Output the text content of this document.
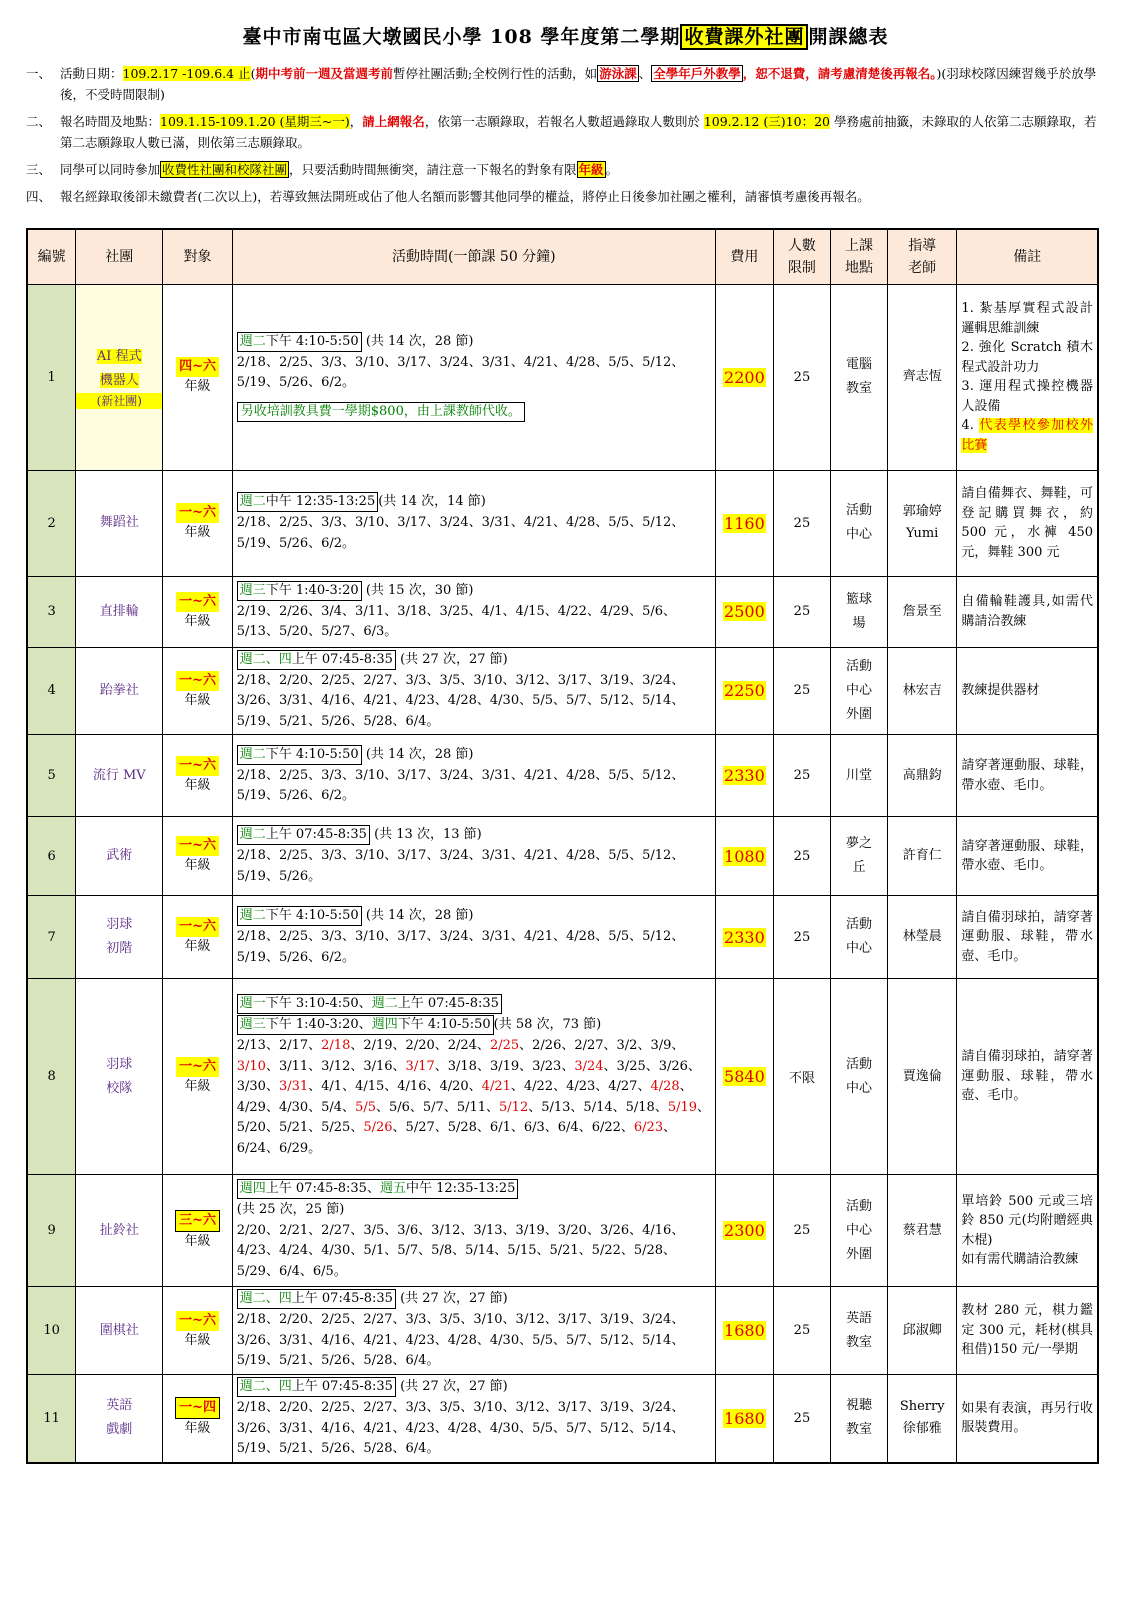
臺中市南屯區大墩國民小學 108 學年度第二學期 收費課外社團 開課總表
一、 活動日期：109.2.17 -109.6.4 止(期中考前一週及當週考前暫停社團活動;全校例行性的活動，如 游泳課 、 全學年戶外教學 ，恕不退費，請考慮清楚後再報名。)(羽球校隊因練習幾乎於放學後，不受時間限制)
二、 報名時間及地點：109.1.15-109.1.20 (星期三~一)，請上網報名，依第一志願錄取，若報名人數超過錄取人數則於 109.2.12 (三)10：20 學務處前抽籤，未錄取的人依第二志願錄取，若第二志願錄取人數已滿，則依第三志願錄取。
三、 同學可以同時參加 收費性社團和校隊社團 ，只要活動時間無衝突，請注意一下報名的對象有限 年級 。
四、 報名經錄取後卻未繳費者(二次以上)，若導致無法開班或佔了他人名額而影響其他同學的權益，將停止日後參加社團之權利，請審慎考慮後再報名。
編號	社團	對象	活動時間(一節課 50 分鐘)	費用	人數
限制	上課
地點	指導
老師	備註
1	AI 程式
機器人
(新社團)	四~六
年級	週二下午 4:10-5:50 (共 14 次，28 節)
2/18、2/25、3/3、3/10、3/17、3/24、3/31、4/21、4/28、5/5、5/12、5/19、5/26、6/2。
另收培訓教具費一學期$800，由上課教師代收。	2200	25	電腦
教室	齊志恆	1. 紮基厚實程式設計邏輯思維訓練
2. 強化 Scratch 積木程式設計功力
3. 運用程式操控機器人設備
4. 代表學校參加校外比賽
2	舞蹈社	一~六
年級	週二中午 12:35-13:25 (共 14 次，14 節)
2/18、2/25、3/3、3/10、3/17、3/24、3/31、4/21、4/28、5/5、5/12、5/19、5/26、6/2。	1160	25	活動
中心	郭瑜婷
Yumi	請自備舞衣、舞鞋，可登記購買舞衣，約 500 元，水褲 450 元，舞鞋 300 元
3	直排輪	一~六
年級	週三下午 1:40-3:20 (共 15 次，30 節)
2/19、2/26、3/4、3/11、3/18、3/25、4/1、4/15、4/22、4/29、5/6、5/13、5/20、5/27、6/3。	2500	25	籃球
場	詹景至	自備輪鞋護具,如需代購請洽教練
4	跆拳社	一~六
年級	週二、四上午 07:45-8:35 (共 27 次，27 節)
2/18、2/20、2/25、2/27、3/3、3/5、3/10、3/12、3/17、3/19、3/24、3/26、3/31、4/16、4/21、4/23、4/28、4/30、5/5、5/7、5/12、5/14、5/19、5/21、5/26、5/28、6/4。	2250	25	活動
中心
外圍	林宏吉	教練提供器材
5	流行 MV	一~六
年級	週二下午 4:10-5:50 (共 14 次，28 節)
2/18、2/25、3/3、3/10、3/17、3/24、3/31、4/21、4/28、5/5、5/12、5/19、5/26、6/2。	2330	25	川堂	高鼎鈞	請穿著運動服、球鞋，帶水壺、毛巾。
6	武術	一~六
年級	週二上午 07:45-8:35 (共 13 次，13 節)
2/18、2/25、3/3、3/10、3/17、3/24、3/31、4/21、4/28、5/5、5/12、5/19、5/26。	1080	25	夢之
丘	許育仁	請穿著運動服、球鞋，帶水壺、毛巾。
7	羽球
初階	一~六
年級	週二下午 4:10-5:50 (共 14 次，28 節)
2/18、2/25、3/3、3/10、3/17、3/24、3/31、4/21、4/28、5/5、5/12、5/19、5/26、6/2。	2330	25	活動
中心	林瑩晨	請自備羽球拍，請穿著運動服、球鞋，帶水壺、毛巾。
8	羽球
校隊	一~六
年級	週一下午 3:10-4:50、週二上午 07:45-8:35
週三下午 1:40-3:20、週四下午 4:10-5:50 (共 58 次，73 節)
2/13、2/17、2/18、2/19、2/20、2/24、2/25、2/26、2/27、3/2、3/9、3/10、3/11、3/12、3/16、3/17、3/18、3/19、3/23、3/24、3/25、3/26、3/30、3/31、4/1、4/15、4/16、4/20、4/21、4/22、4/23、4/27、4/28、4/29、4/30、5/4、5/5、5/6、5/7、5/11、5/12、5/13、5/14、5/18、5/19、5/20、5/21、5/25、5/26、5/27、5/28、6/1、6/3、6/4、6/22、6/23、6/24、6/29。	5840	不限	活動
中心	賈逸倫	請自備羽球拍，請穿著運動服、球鞋，帶水壺、毛巾。
9	扯鈴社	三~六
年級	週四上午 07:45-8:35、週五中午 12:35-13:25
(共 25 次，25 節)
2/20、2/21、2/27、3/5、3/6、3/12、3/13、3/19、3/20、3/26、4/16、4/23、4/24、4/30、5/1、5/7、5/8、5/14、5/15、5/21、5/22、5/28、5/29、6/4、6/5。	2300	25	活動
中心
外圍	蔡君慧	單培鈴 500 元或三培鈴 850 元(均附贈經典木棍)
如有需代購請洽教練
10	圍棋社	一~六
年級	週二、四上午 07:45-8:35 (共 27 次，27 節)
2/18、2/20、2/25、2/27、3/3、3/5、3/10、3/12、3/17、3/19、3/24、3/26、3/31、4/16、4/21、4/23、4/28、4/30、5/5、5/7、5/12、5/14、5/19、5/21、5/26、5/28、6/4。	1680	25	英語
教室	邱淑卿	教材 280 元，棋力鑑定 300 元，耗材(棋具租借)150 元/一學期
11	英語
戲劇	一~四
年級	週二、四上午 07:45-8:35 (共 27 次，27 節)
2/18、2/20、2/25、2/27、3/3、3/5、3/10、3/12、3/17、3/19、3/24、3/26、3/31、4/16、4/21、4/23、4/28、4/30、5/5、5/7、5/12、5/14、5/19、5/21、5/26、5/28、6/4。	1680	25	視聽
教室	Sherry
徐郁雅	如果有表演，再另行收服裝費用。
